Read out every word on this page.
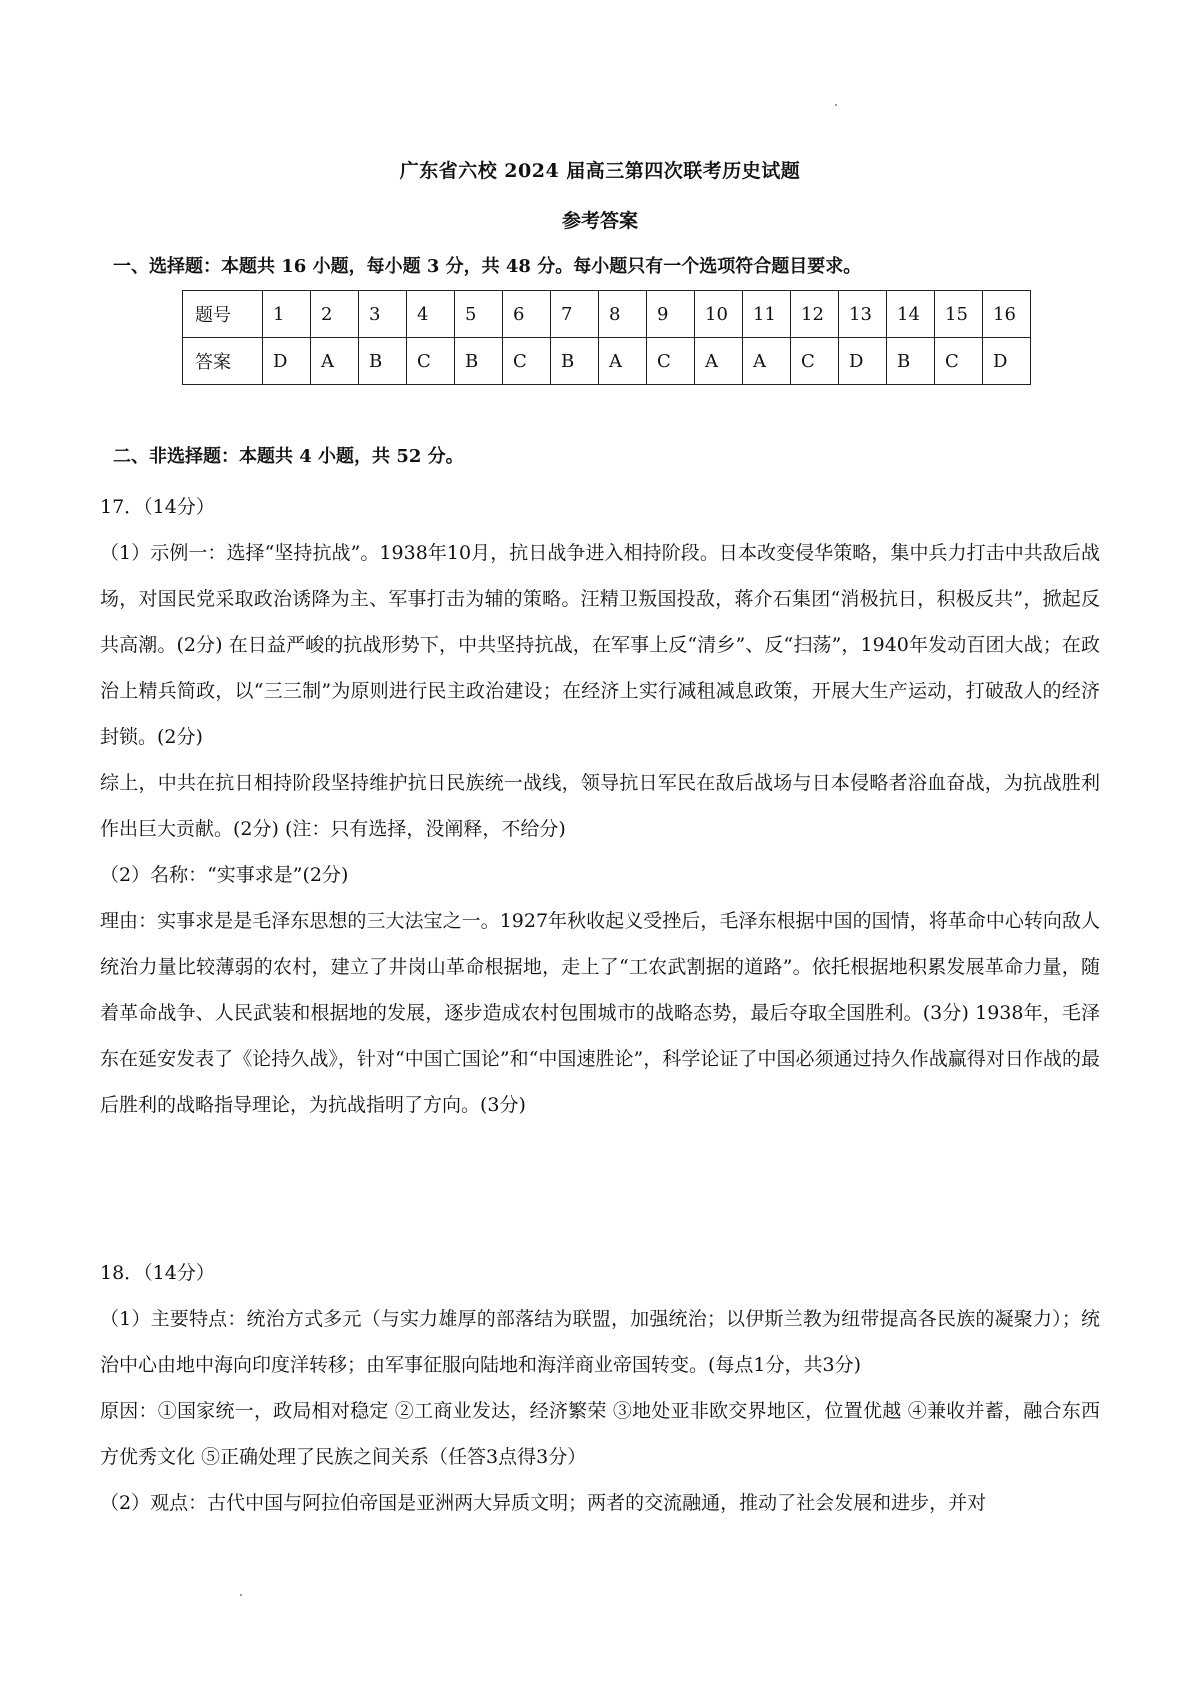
广东省六校 2024 届高三第四次联考历史试题
参考答案
一、选择题：本题共 16 小题，每小题 3 分，共 48 分。每小题只有一个选项符合题目要求。
题号	1	2	3	4	5	6	7	8	9	10	11	12	13	14	15	16
答案	D	A	B	C	B	C	B	A	C	A	A	C	D	B	C	D
二、非选择题：本题共 4 小题，共 52 分。

17．（14分）

（1）示例一：选择“坚持抗战”。1938年10月，抗日战争进入相持阶段。日本改变侵华策略，集中兵力打击中共敌后战场，对国民党采取政治诱降为主、军事打击为辅的策略。汪精卫叛国投敌，蒋介石集团“消极抗日，积极反共”，掀起反共高潮。(2分) 在日益严峻的抗战形势下，中共坚持抗战，在军事上反“清乡”、反“扫荡”，1940年发动百团大战；在政治上精兵简政，以“三三制”为原则进行民主政治建设；在经济上实行减租减息政策，开展大生产运动，打破敌人的经济封锁。(2分)

综上，中共在抗日相持阶段坚持维护抗日民族统一战线，领导抗日军民在敌后战场与日本侵略者浴血奋战，为抗战胜利作出巨大贡献。(2分) (注：只有选择，没阐释，不给分)

（2）名称：“实事求是”(2分)

理由：实事求是是毛泽东思想的三大法宝之一。1927年秋收起义受挫后，毛泽东根据中国的国情，将革命中心转向敌人统治力量比较薄弱的农村，建立了井岗山革命根据地，走上了“工农武割据的道路”。依托根据地积累发展革命力量，随着革命战争、人民武装和根据地的发展，逐步造成农村包围城市的战略态势，最后夺取全国胜利。(3分) 1938年，毛泽东在延安发表了《论持久战》，针对“中国亡国论”和“中国速胜论”，科学论证了中国必须通过持久作战赢得对日作战的最后胜利的战略指导理论，为抗战指明了方向。(3分)

18．（14分）

（1）主要特点：统治方式多元（与实力雄厚的部落结为联盟，加强统治；以伊斯兰教为纽带提高各民族的凝聚力）；统治中心由地中海向印度洋转移；由军事征服向陆地和海洋商业帝国转变。(每点1分，共3分)

原因：①国家统一，政局相对稳定 ②工商业发达，经济繁荣 ③地处亚非欧交界地区，位置优越 ④兼收并蓄，融合东西方优秀文化 ⑤正确处理了民族之间关系（任答3点得3分）

（2）观点：古代中国与阿拉伯帝国是亚洲两大异质文明；两者的交流融通，推动了社会发展和进步，并对
